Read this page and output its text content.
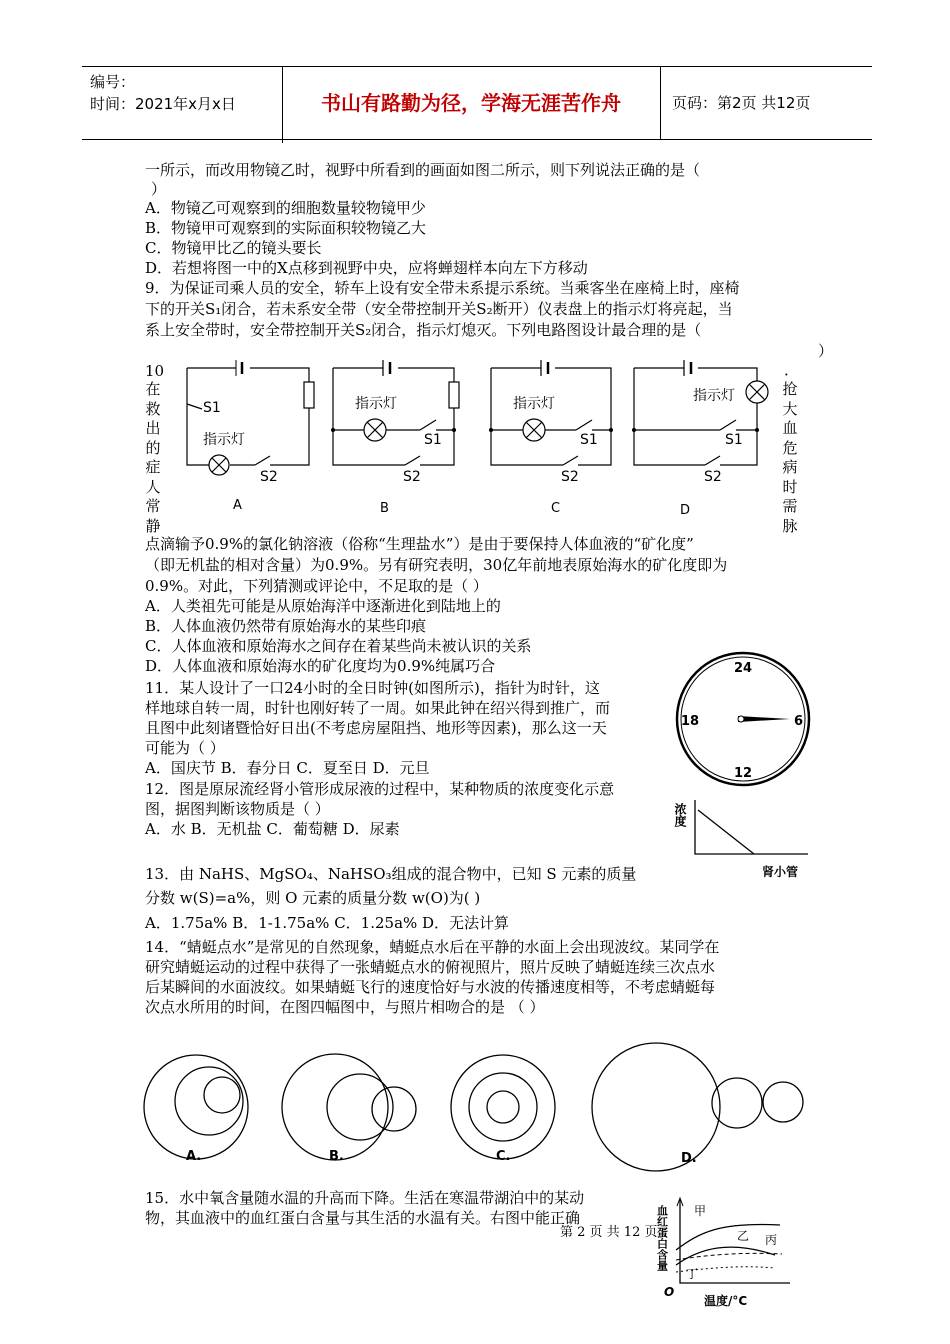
编号：
时间：2021年x月x日	书山有路勤为径，学海无涯苦作舟	页码：第2页 共12页
一所示，而改用物镜乙时，视野中所看到的画面如图二所示，则下列说法正确的是（
）
A．物镜乙可观察到的细胞数量较物镜甲少
B．物镜甲可观察到的实际面积较物镜乙大
C．物镜甲比乙的镜头要长
D．若想将图一中的X点移到视野中央，应将蝉翅样本向左下方移动
9．为保证司乘人员的安全，轿车上设有安全带未系提示系统。当乘客坐在座椅上时，座椅
下的开关S₁闭合，若未系安全带（安全带控制开关S₂断开）仪表盘上的指示灯将亮起，当
系上安全带时，安全带控制开关S₂闭合，指示灯熄灭。下列电路图设计最合理的是（
）
10
在救出的症人常静
．
抢大血危病时需脉
S1
指示灯
S2
A
指示灯
S1
S2
B
指示灯
S1
S2
C
指示灯
S1
S2
D
点滴输予0.9%的氯化钠溶液（俗称“生理盐水”）是由于要保持人体血液的“矿化度”
（即无机盐的相对含量）为0.9%。另有研究表明，30亿年前地表原始海水的矿化度即为
0.9%。对此，下列猜测或评论中，不足取的是（ ）
A．人类祖先可能是从原始海洋中逐渐进化到陆地上的
B．人体血液仍然带有原始海水的某些印痕
C．人体血液和原始海水之间存在着某些尚未被认识的关系
D．人体血液和原始海水的矿化度均为0.9%纯属巧合
11．某人设计了一口24小时的全日时钟(如图所示)，指针为时针，这
样地球自转一周，时针也刚好转了一周。如果此钟在绍兴得到推广，而
且图中此刻诸暨恰好日出(不考虑房屋阻挡、地形等因素)，那么这一天
可能为（ ）
A．国庆节 B．春分日 C．夏至日 D．元旦
24
6
12
18
12．图是原尿流经肾小管形成尿液的过程中，某种物质的浓度变化示意
图，据图判断该物质是（ ）
A．水 B．无机盐 C．葡萄糖 D．尿素
浓度
肾小管
13．由 NaHS、MgSO₄、NaHSO₃组成的混合物中，已知 S 元素的质量
分数 w(S)=a%，则 O 元素的质量分数 w(O)为( )
A．1.75a% B．1-1.75a% C．1.25a% D．无法计算
14．“蜻蜓点水”是常见的自然现象，蜻蜓点水后在平静的水面上会出现波纹。某同学在
研究蜻蜓运动的过程中获得了一张蜻蜓点水的俯视照片，照片反映了蜻蜓连续三次点水
后某瞬间的水面波纹。如果蜻蜓飞行的速度恰好与水波的传播速度相等，不考虑蜻蜓每
次点水所用的时间，在图四幅图中，与照片相吻合的是 （ ）
A.	B.	C.	D.
15．水中氧含量随水温的升高而下降。生活在寒温带湖泊中的某动
物，其血液中的血红蛋白含量与其生活的水温有关。右图中能正确	血红蛋白含量
温度/°C
O
甲
乙 丙
丁
第 2 页 共 12 页
